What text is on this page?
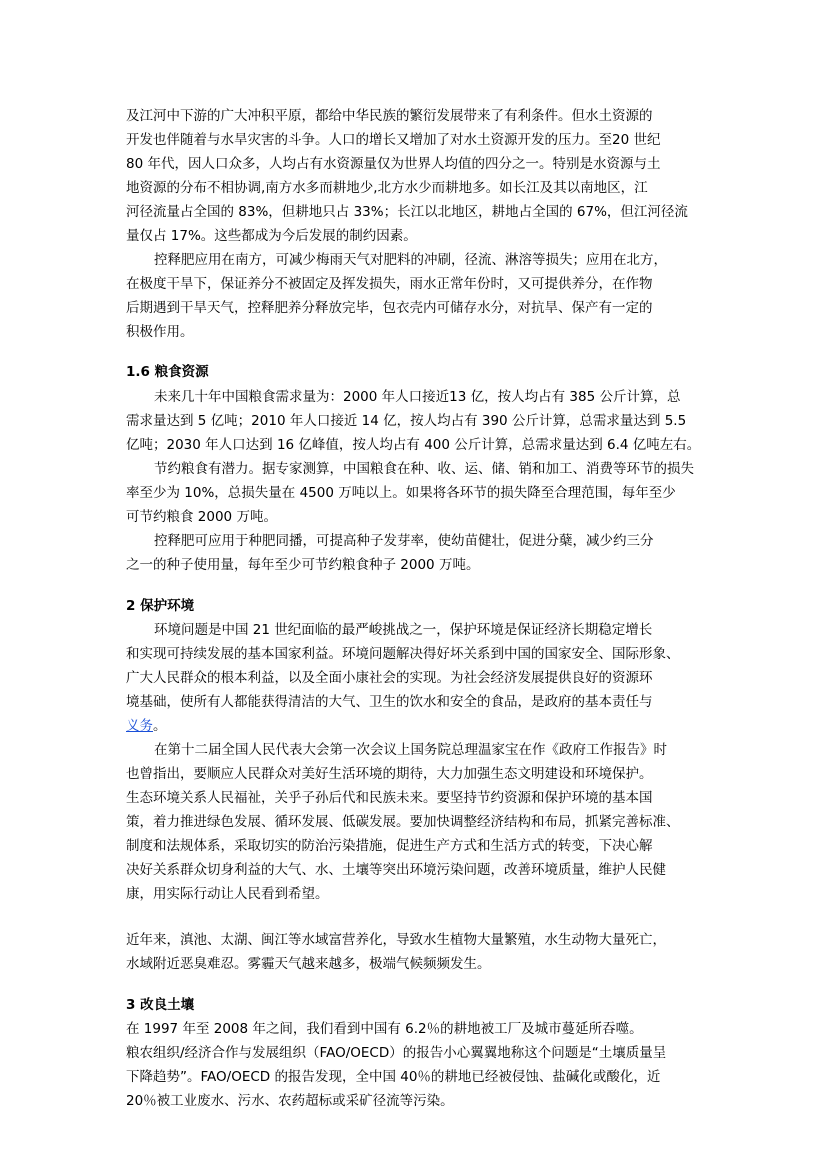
及江河中下游的广大冲积平原，都给中华民族的繁衍发展带来了有利条件。但水土资源的
开发也伴随着与水旱灾害的斗争。人口的增长又增加了对水土资源开发的压力。至20 世纪
80 年代，因人口众多，人均占有水资源量仅为世界人均值的四分之一。特别是水资源与土
地资源的分布不相协调,南方水多而耕地少,北方水少而耕地多。如长江及其以南地区，江
河径流量占全国的 83%，但耕地只占 33%；长江以北地区，耕地占全国的 67%，但江河径流
量仅占 17%。这些都成为今后发展的制约因素。
控释肥应用在南方，可减少梅雨天气对肥料的冲刷，径流、淋溶等损失；应用在北方，
在极度干旱下，保证养分不被固定及挥发损失，雨水正常年份时，又可提供养分，在作物
后期遇到干旱天气，控释肥养分释放完毕，包衣壳内可储存水分，对抗旱、保产有一定的
积极作用。
1.6 粮食资源
未来几十年中国粮食需求量为：2000 年人口接近13 亿，按人均占有 385 公斤计算，总
需求量达到 5 亿吨；2010 年人口接近 14 亿，按人均占有 390 公斤计算，总需求量达到 5.5
亿吨；2030 年人口达到 16 亿峰值，按人均占有 400 公斤计算，总需求量达到 6.4 亿吨左右。
节约粮食有潜力。据专家测算，中国粮食在种、收、运、储、销和加工、消费等环节的损失
率至少为 10%，总损失量在 4500 万吨以上。如果将各环节的损失降至合理范围，每年至少
可节约粮食 2000 万吨。
控释肥可应用于种肥同播，可提高种子发芽率，使幼苗健壮，促进分蘖，减少约三分
之一的种子使用量，每年至少可节约粮食种子 2000 万吨。
2 保护环境
环境问题是中国 21 世纪面临的最严峻挑战之一，保护环境是保证经济长期稳定增长
和实现可持续发展的基本国家利益。环境问题解决得好坏关系到中国的国家安全、国际形象、
广大人民群众的根本利益，以及全面小康社会的实现。为社会经济发展提供良好的资源环
境基础，使所有人都能获得清洁的大气、卫生的饮水和安全的食品，是政府的基本责任与
义务。
在第十二届全国人民代表大会第一次会议上国务院总理温家宝在作《政府工作报告》时
也曾指出，要顺应人民群众对美好生活环境的期待，大力加强生态文明建设和环境保护。
生态环境关系人民福祉，关乎子孙后代和民族未来。要坚持节约资源和保护环境的基本国
策，着力推进绿色发展、循环发展、低碳发展。要加快调整经济结构和布局，抓紧完善标准、
制度和法规体系，采取切实的防治污染措施，促进生产方式和生活方式的转变，下决心解
决好关系群众切身利益的大气、水、土壤等突出环境污染问题，改善环境质量，维护人民健
康，用实际行动让人民看到希望。
近年来，滇池、太湖、闽江等水域富营养化，导致水生植物大量繁殖，水生动物大量死亡，
水域附近恶臭难忍。雾霾天气越来越多，极端气候频频发生。
3 改良土壤
在 1997 年至 2008 年之间，我们看到中国有 6.2％的耕地被工厂及城市蔓延所吞噬。
粮农组织/经济合作与发展组织（FAO/OECD）的报告小心翼翼地称这个问题是“土壤质量呈
下降趋势”。FAO/OECD 的报告发现，全中国 40％的耕地已经被侵蚀、盐碱化或酸化，近
20％被工业废水、污水、农药超标或采矿径流等污染。
